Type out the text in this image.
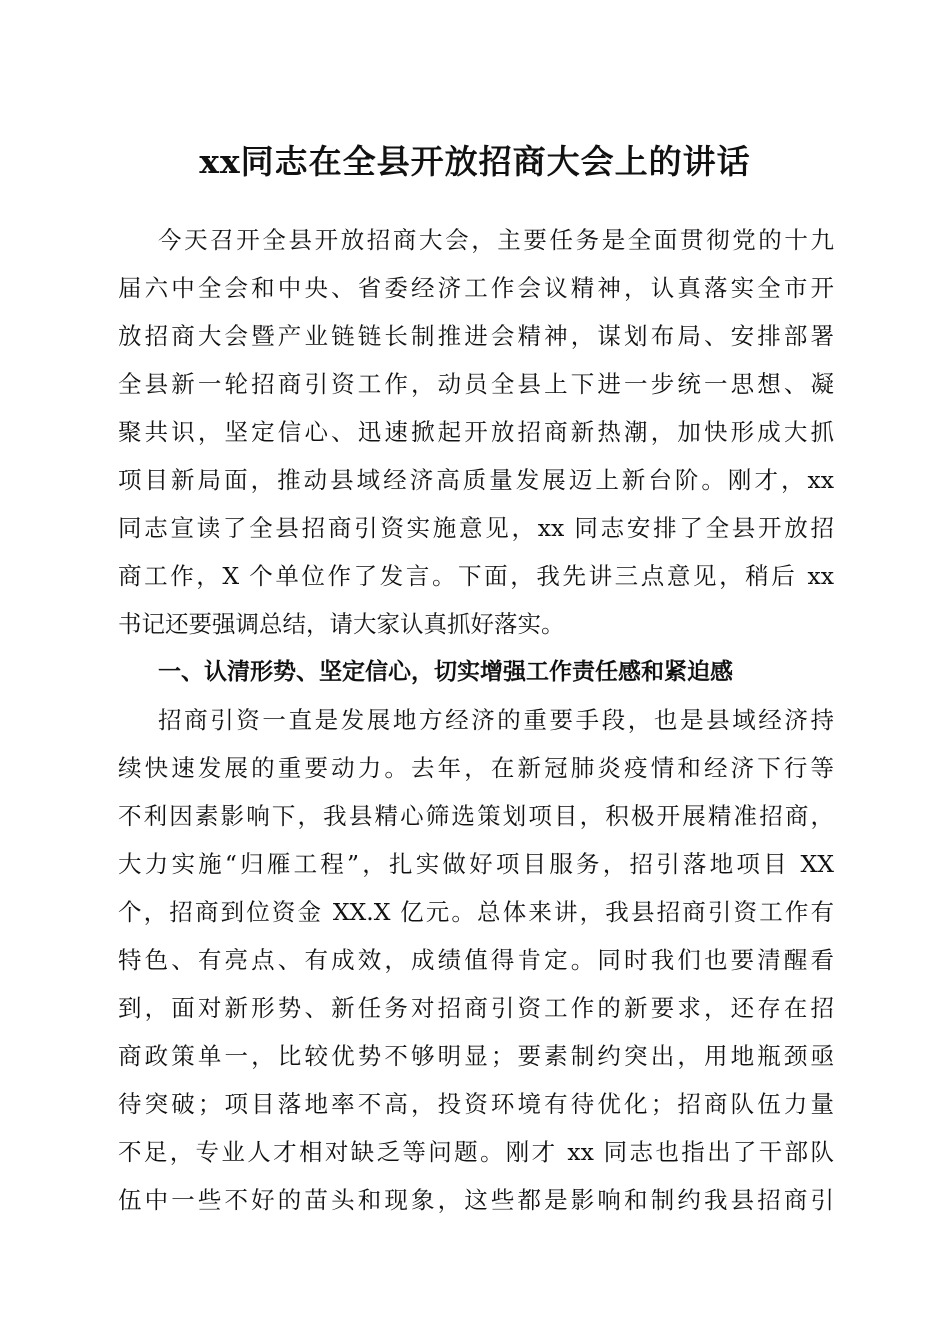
xx同志在全县开放招商大会上的讲话

今天召开全县开放招商大会，主要任务是全面贯彻党的十九

届六中全会和中央、省委经济工作会议精神，认真落实全市开

放招商大会暨产业链链长制推进会精神，谋划布局、安排部署

全县新一轮招商引资工作，动员全县上下进一步统一思想、凝

聚共识，坚定信心、迅速掀起开放招商新热潮，加快形成大抓

项目新局面，推动县域经济高质量发展迈上新台阶。刚才，xx

同志宣读了全县招商引资实施意见，xx 同志安排了全县开放招

商工作，X 个单位作了发言。下面，我先讲三点意见，稍后 xx

书记还要强调总结，请大家认真抓好落实。

一、认清形势、坚定信心，切实增强工作责任感和紧迫感

招商引资一直是发展地方经济的重要手段，也是县域经济持

续快速发展的重要动力。去年，在新冠肺炎疫情和经济下行等

不利因素影响下，我县精心筛选策划项目，积极开展精准招商，

大力实施“归雁工程”，扎实做好项目服务，招引落地项目 XX

个，招商到位资金 XX.X 亿元。总体来讲，我县招商引资工作有

特色、有亮点、有成效，成绩值得肯定。同时我们也要清醒看

到，面对新形势、新任务对招商引资工作的新要求，还存在招

商政策单一，比较优势不够明显；要素制约突出，用地瓶颈亟

待突破；项目落地率不高，投资环境有待优化；招商队伍力量

不足，专业人才相对缺乏等问题。刚才 xx 同志也指出了干部队

伍中一些不好的苗头和现象，这些都是影响和制约我县招商引
